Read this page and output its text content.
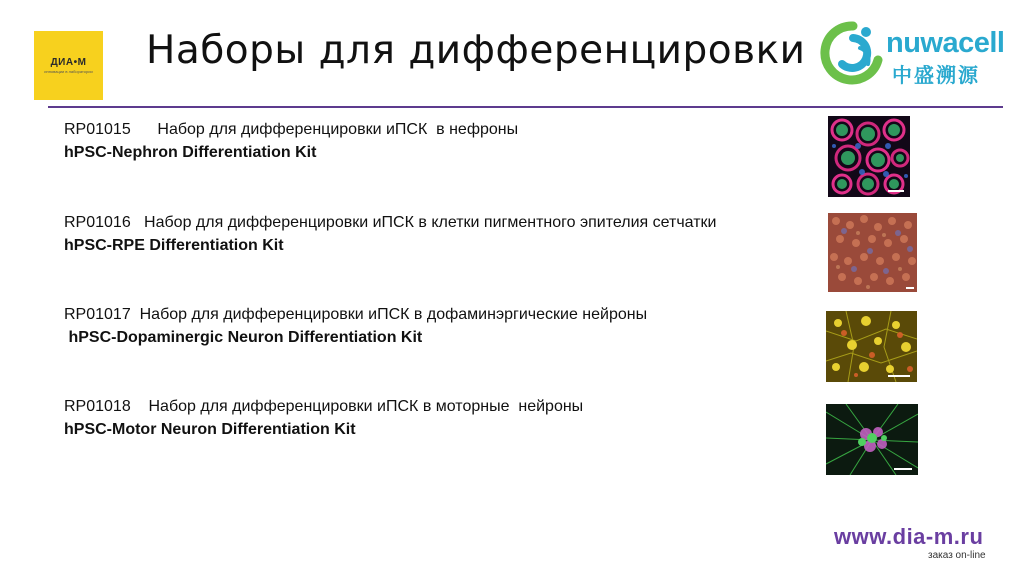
ДИА•М
инновации в лаборатории Наборы для дифференцировки	nuwacell
中盛溯源
RP01015      Набор для дифференцировки иПСК  в нефроны
hPSC-Nephron Differentiation Kit
RP01016   Набор для дифференцировки иПСК в клетки пигментного эпителия сетчатки
hPSC-RPE Differentiation Kit
RP01017  Набор для дифференцировки иПСК в дофаминэргические нейроны
hPSC-Dopaminergic Neuron Differentiation Kit
RP01018    Набор для дифференцировки иПСК в моторные  нейроны
hPSC-Motor Neuron Differentiation Kit
www.dia-m.ru
заказ on-line
